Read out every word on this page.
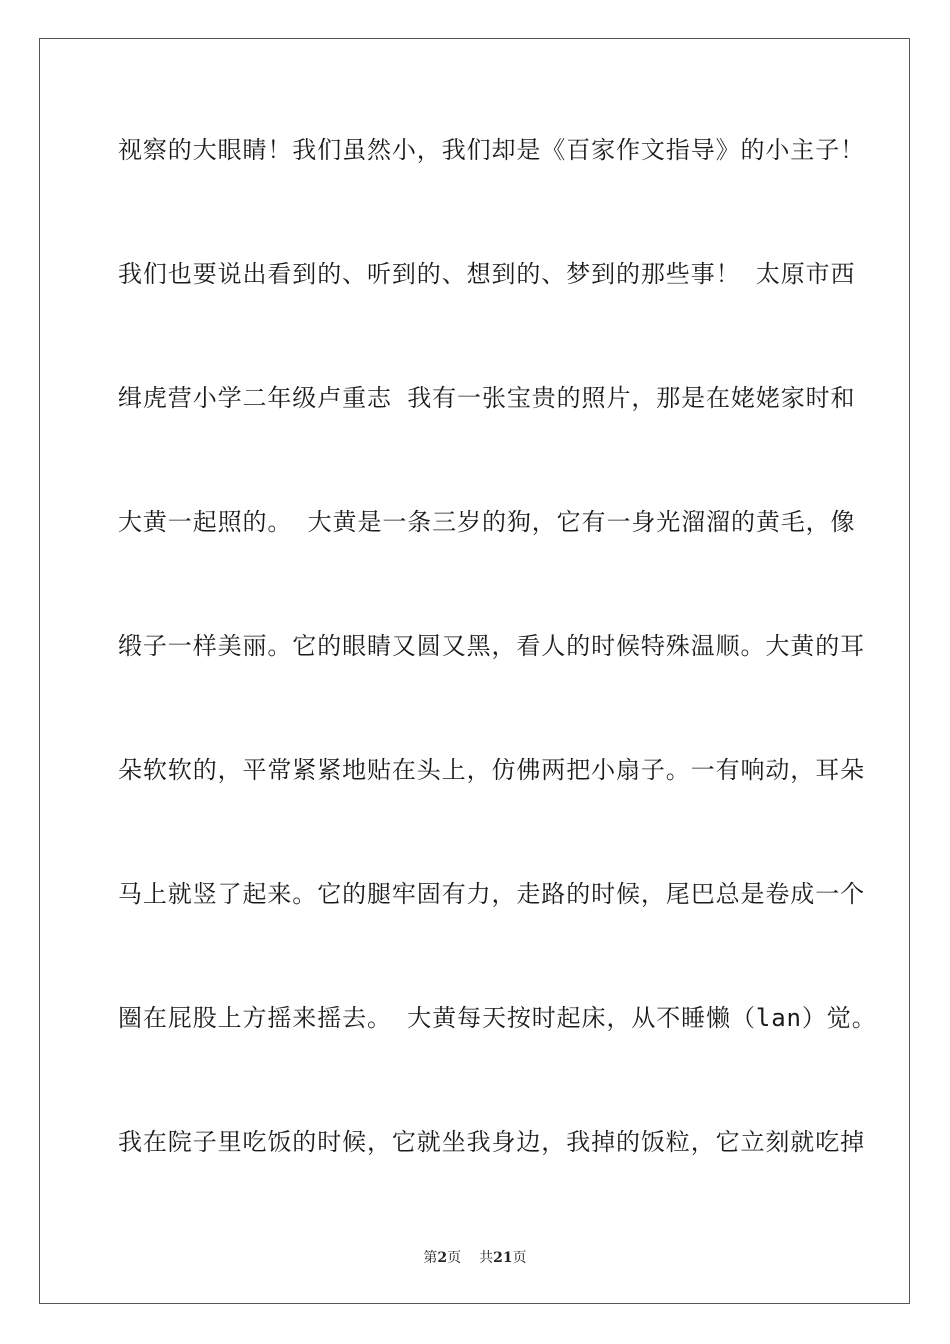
视察的大眼睛！我们虽然小，我们却是《百家作文指导》的小主子！
我们也要说出看到的、听到的、想到的、梦到的那些事！ 太原市西
缉虎营小学二年级卢重志 我有一张宝贵的照片，那是在姥姥家时和
大黄一起照的。 大黄是一条三岁的狗，它有一身光溜溜的黄毛，像
缎子一样美丽。它的眼睛又圆又黑，看人的时候特殊温顺。大黄的耳
朵软软的，平常紧紧地贴在头上，仿佛两把小扇子。一有响动，耳朵
马上就竖了起来。它的腿牢固有力，走路的时候，尾巴总是卷成一个
圈在屁股上方摇来摇去。 大黄每天按时起床，从不睡懒（lan）觉。
我在院子里吃饭的时候，它就坐我身边，我掉的饭粒，它立刻就吃掉
第2页 共21页
